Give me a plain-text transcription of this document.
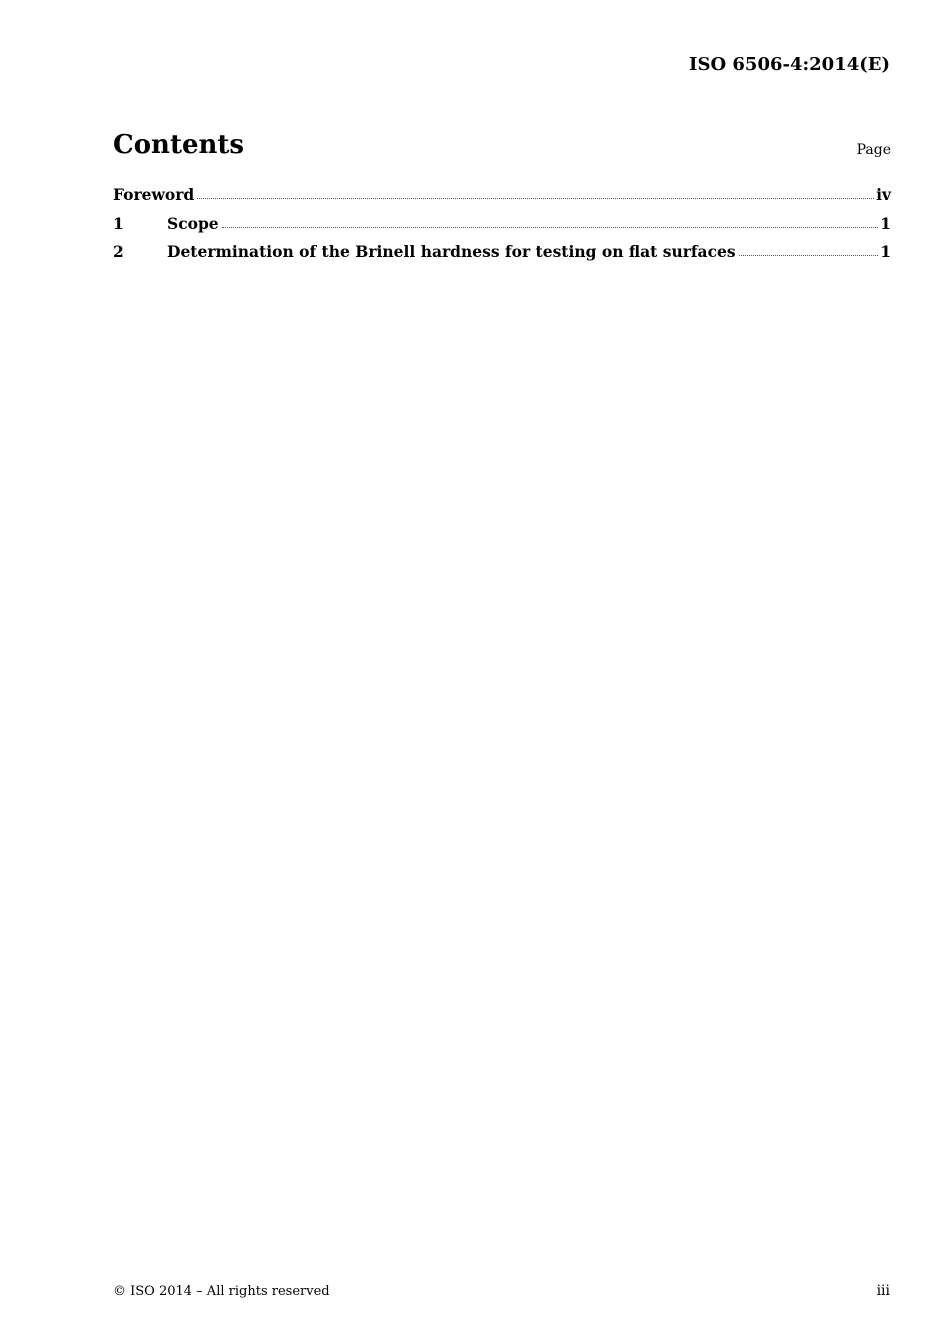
ISO 6506-4:2014(E)
Contents	Page
Foreword	iv
1	Scope	1
2	Determination of the Brinell hardness for testing on flat surfaces	1
© ISO 2014 – All rights reserved	iii
